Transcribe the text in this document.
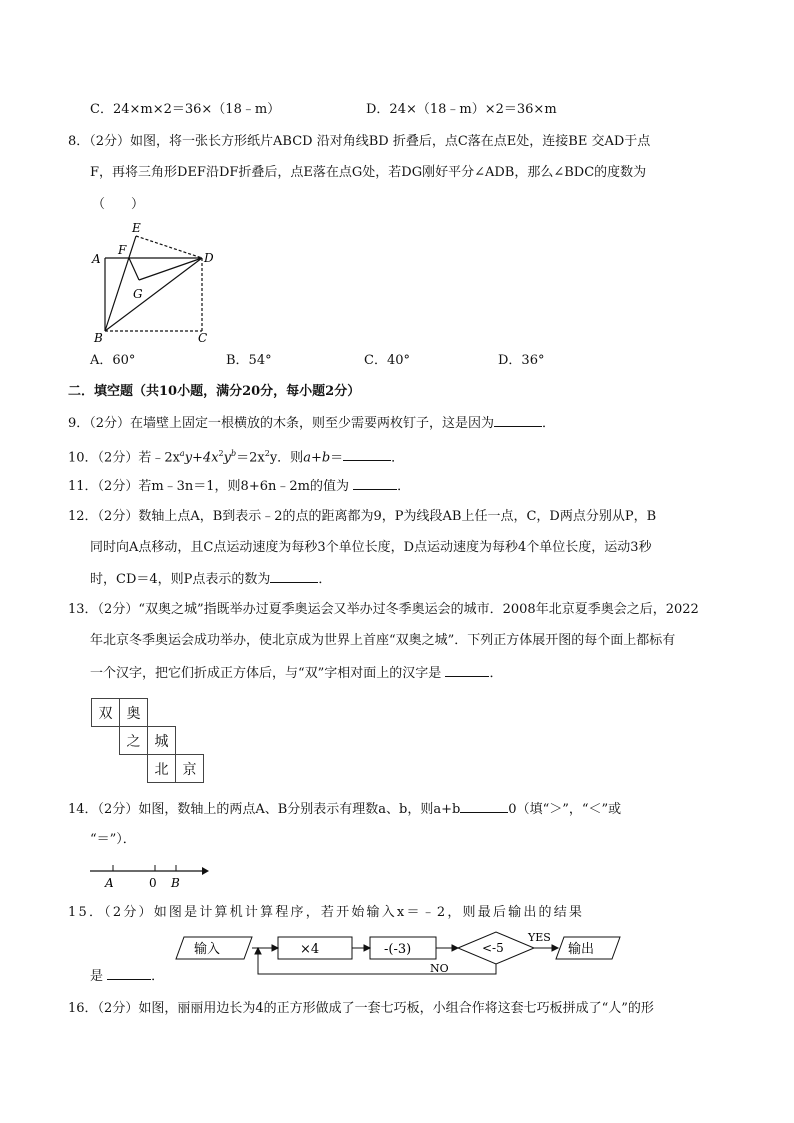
C．24×m×2＝36×（18﹣m）	D．24×（18﹣m）×2＝36×m
8．（2分）如图，将一张长方形纸片ABCD 沿对角线BD 折叠后，点C落在点E处，连接BE 交AD于点
F，再将三角形DEF沿DF折叠后，点E落在点G处，若DG刚好平分∠ADB，那么∠BDC的度数为
（　　）
A
B	C
D
E
F
G
A．60°	B．54°	C．40°	D．36°
二．填空题（共10小题，满分20分，每小题2分）
9．（2分）在墙壁上固定一根横放的木条，则至少需要两枚钉子，这是因为	．
10．（2分）若$﹣2x^ay+4x^2y^b=2x^2y$．则a+b＝	．
11．（2分）若m﹣3n＝1，则8+6n﹣2m的值为	．
12．（2分）数轴上点A，B到表示﹣2的点的距离都为9，P为线段AB上任一点，C，D两点分别从P，B
同时向A点移动，且C点运动速度为每秒3个单位长度，D点运动速度为每秒4个单位长度，运动3秒
时，CD＝4，则P点表示的数为	．
13．（2分）“双奥之城”指既举办过夏季奥运会又举办过冬季奥运会的城市．2008年北京夏季奥会之后，2022
年北京冬季奥运会成功举办，使北京成为世界上首座“双奥之城”．下列正方体展开图的每个面上都标有
一个汉字，把它们折成正方体后，与“双”字相对面上的汉字是	．
双	奥
之	城
北	京
14．（2分）如图，数轴上的两点A、B分别表示有理数a、b，则a+b	0（填“＞”，“＜”或
“＝”）．
A	0 B
15．（2分）如图是计算机计算程序，若开始输入x＝﹣2，则最后输出的结果
是	．
输入	×4	-(-3)	<-5
YES
NO
输出
16．（2分）如图，丽丽用边长为4的正方形做成了一套七巧板，小组合作将这套七巧板拼成了“人”的形
